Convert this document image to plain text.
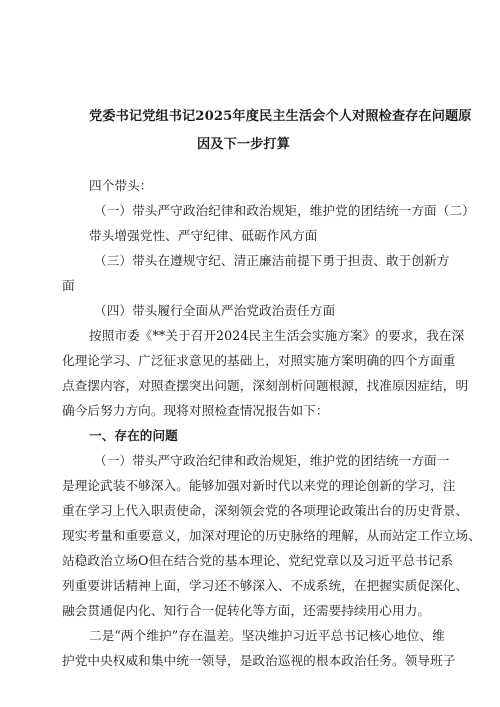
党委书记党组书记2025年度民主生活会个人对照检查存在问题原
因及下一步打算
四个带头：
（一）带头严守政治纪律和政治规矩，维护党的团结统一方面（二）
带头增强党性、严守纪律、砥砺作风方面
（三）带头在遵规守纪、清正廉洁前提下勇于担责、敢于创新方
面
（四）带头履行全面从严治党政治责任方面
按照市委《**关于召开2024民主生活会实施方案》的要求，我在深
化理论学习、广泛征求意见的基础上，对照实施方案明确的四个方面重
点查摆内容，对照查摆突出问题，深刻剖析问题根源，找准原因症结，明
确今后努力方向。现将对照检查情况报告如下：
一、存在的问题
（一）带头严守政治纪律和政治规矩，维护党的团结统一方面一
是理论武装不够深入。能够加强对新时代以来党的理论创新的学习，注
重在学习上代入职责使命，深刻领会党的各项理论政策出台的历史背景、
现实考量和重要意义，加深对理论的历史脉络的理解，从而站定工作立场、
站稳政治立场O但在结合党的基本理论、党纪党章以及习近平总书记系
列重要讲话精神上面，学习还不够深入、不成系统，在把握实质促深化、
融会贯通促内化、知行合一促转化等方面，还需要持续用心用力。
二是“两个维护”存在温差。坚决维护习近平总书记核心地位、维
护党中央权威和集中统一领导，是政治巡视的根本政治任务。领导班子
